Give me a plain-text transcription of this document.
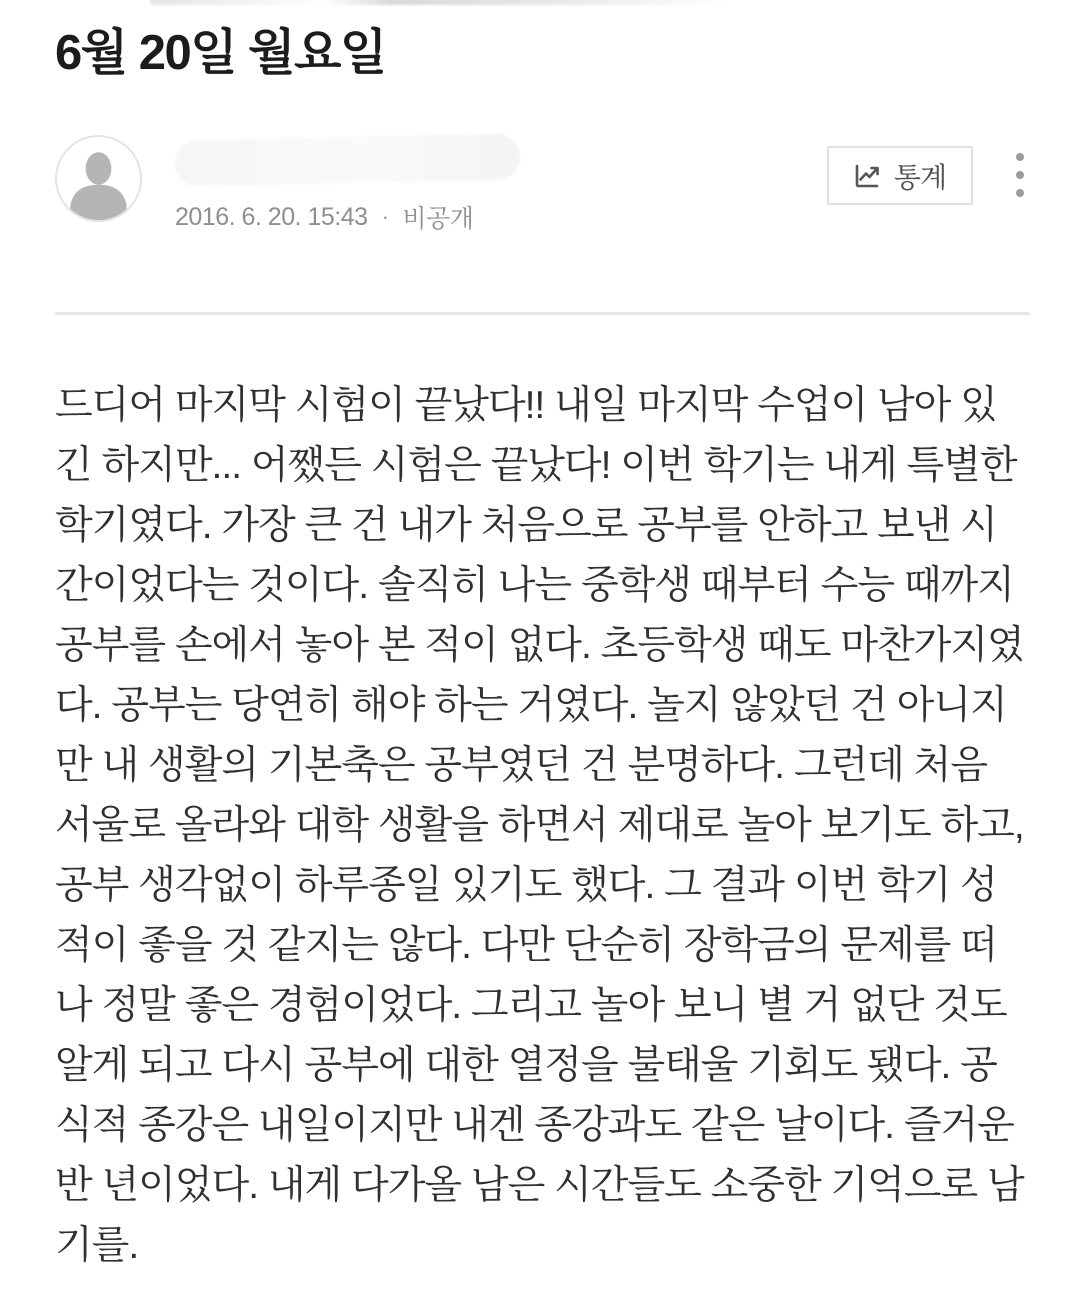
6월 20일 월요일
2016. 6. 20. 15:43 · 비공개
통계
드디어 마지막 시험이 끝났다!! 내일 마지막 수업이 남아 있긴 하지만... 어쨌든 시험은 끝났다! 이번 학기는 내게 특별한 학기였다. 가장 큰 건 내가 처음으로 공부를 안하고 보낸 시간이었다는 것이다. 솔직히 나는 중학생 때부터 수능 때까지 공부를 손에서 놓아 본 적이 없다. 초등학생 때도 마찬가지였다. 공부는 당연히 해야 하는 거였다. 놀지 않았던 건 아니지만 내 생활의 기본축은 공부였던 건 분명하다. 그런데 처음 서울로 올라와 대학 생활을 하면서 제대로 놀아 보기도 하고, 공부 생각없이 하루종일 있기도 했다. 그 결과 이번 학기 성적이 좋을 것 같지는 않다. 다만 단순히 장학금의 문제를 떠나 정말 좋은 경험이었다. 그리고 놀아 보니 별 거 없단 것도 알게 되고 다시 공부에 대한 열정을 불태울 기회도 됐다. 공식적 종강은 내일이지만 내겐 종강과도 같은 날이다. 즐거운 반 년이었다. 내게 다가올 남은 시간들도 소중한 기억으로 남기를.
